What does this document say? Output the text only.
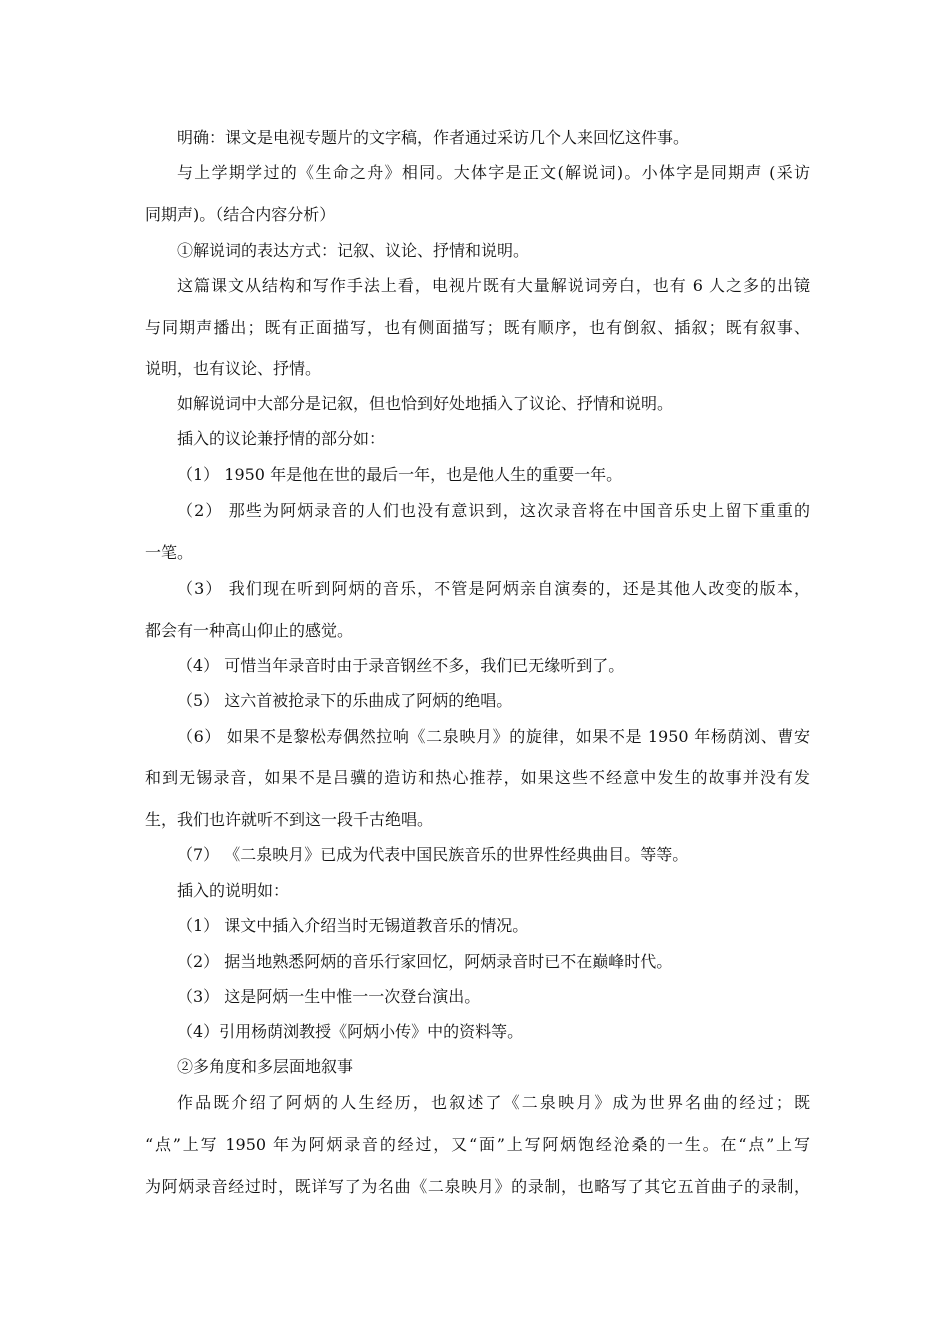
明确：课文是电视专题片的文字稿，作者通过采访几个人来回忆这件事。
与上学期学过的《生命之舟》相同。大体字是正文(解说词)。小体字是同期声 (采访
同期声)。（结合内容分析）
①解说词的表达方式：记叙、议论、抒情和说明。
这篇课文从结构和写作手法上看，电视片既有大量解说词旁白，也有 6 人之多的出镜
与同期声播出；既有正面描写，也有侧面描写；既有顺序，也有倒叙、插叙；既有叙事、
说明，也有议论、抒情。
如解说词中大部分是记叙，但也恰到好处地插入了议论、抒情和说明。
插入的议论兼抒情的部分如：
（1） 1950 年是他在世的最后一年，也是他人生的重要一年。
（2） 那些为阿炳录音的人们也没有意识到，这次录音将在中国音乐史上留下重重的
一笔。
（3） 我们现在听到阿炳的音乐，不管是阿炳亲自演奏的，还是其他人改变的版本，
都会有一种高山仰止的感觉。
（4） 可惜当年录音时由于录音钢丝不多，我们已无缘听到了。
（5） 这六首被抢录下的乐曲成了阿炳的绝唱。
（6） 如果不是黎松寿偶然拉响《二泉映月》的旋律，如果不是 1950 年杨荫浏、曹安
和到无锡录音，如果不是吕骥的造访和热心推荐，如果这些不经意中发生的故事并没有发
生，我们也许就听不到这一段千古绝唱。
（7） 《二泉映月》已成为代表中国民族音乐的世界性经典曲目。等等。
插入的说明如：
（1） 课文中插入介绍当时无锡道教音乐的情况。
（2） 据当地熟悉阿炳的音乐行家回忆，阿炳录音时已不在巅峰时代。
（3） 这是阿炳一生中惟一一次登台演出。
（4）引用杨荫浏教授《阿炳小传》中的资料等。
②多角度和多层面地叙事
作品既介绍了阿炳的人生经历，也叙述了《二泉映月》成为世界名曲的经过；既
“点”上写 1950 年为阿炳录音的经过，又“面”上写阿炳饱经沧桑的一生。在“点”上写
为阿炳录音经过时，既详写了为名曲《二泉映月》的录制，也略写了其它五首曲子的录制，
